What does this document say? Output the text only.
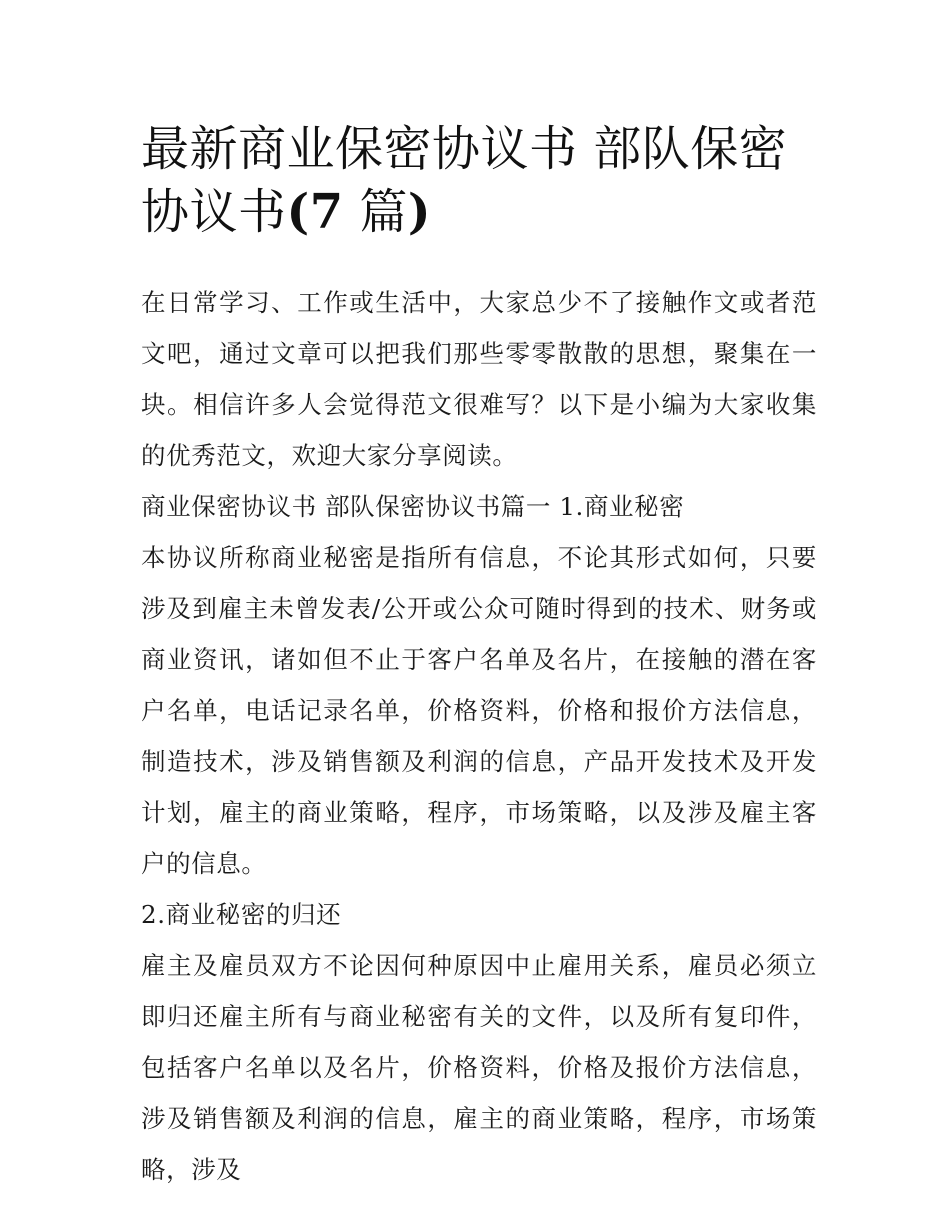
最新商业保密协议书 部队保密协议书(7 篇)

在日常学习、工作或生活中，大家总少不了接触作文或者范文吧，通过文章可以把我们那些零零散散的思想，聚集在一块。相信许多人会觉得范文很难写？以下是小编为大家收集的优秀范文，欢迎大家分享阅读。

商业保密协议书 部队保密协议书篇一 1.商业秘密

本协议所称商业秘密是指所有信息，不论其形式如何，只要涉及到雇主未曾发表/公开或公众可随时得到的技术、财务或商业资讯，诸如但不止于客户名单及名片，在接触的潜在客户名单，电话记录名单，价格资料，价格和报价方法信息，制造技术，涉及销售额及利润的信息，产品开发技术及开发计划，雇主的商业策略，程序，市场策略，以及涉及雇主客户的信息。

2.商业秘密的归还

雇主及雇员双方不论因何种原因中止雇用关系，雇员必须立即归还雇主所有与商业秘密有关的文件，以及所有复印件，包括客户名单以及名片，价格资料，价格及报价方法信息，涉及销售额及利润的信息，雇主的商业策略，程序，市场策略，涉及
